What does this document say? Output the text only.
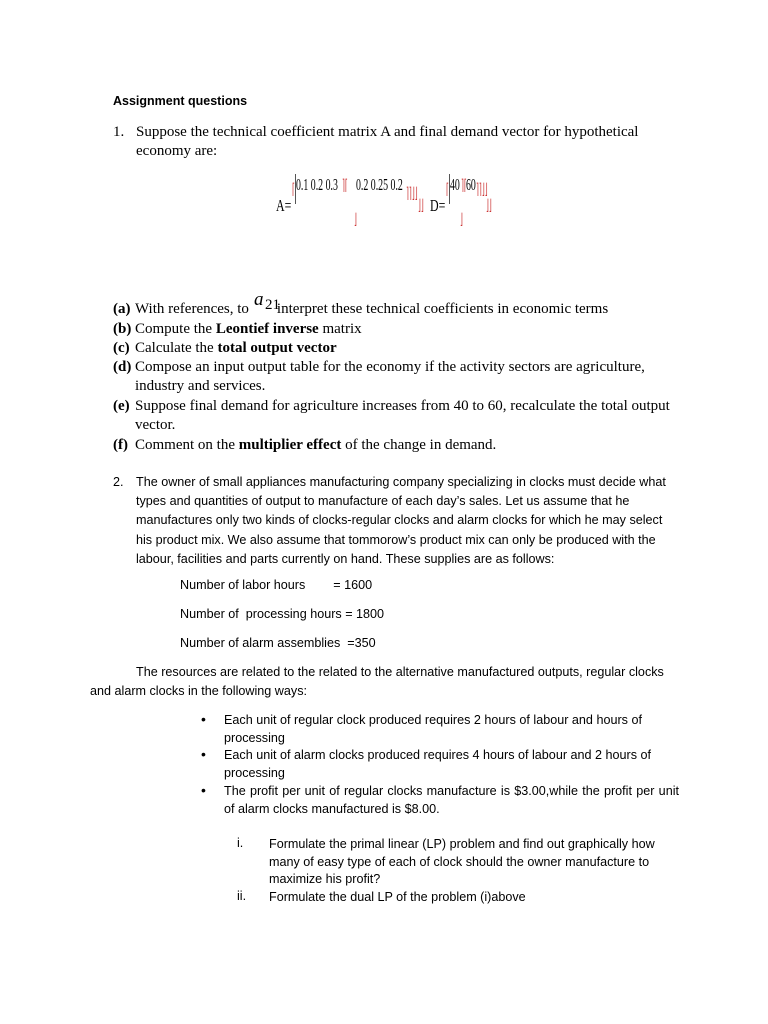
Assignment questions
1. Suppose the technical coefficient matrix A and final demand vector for hypothetical economy are:
A=
⌈ 0.1 0.2 0.3 ⌉⌈ 0.2 0.25 0.2 ⌉⌉⌋⌋
⌋⌋
⌋
D=
⌈ 40 ⌉⌈ 60 ⌉⌉⌋⌋
⌋⌋
⌋
a 21
(a) With references, to interpret these technical coefficients in economic terms
(b) Compute the Leontief inverse matrix
(c) Calculate the total output vector
(d) Compose an input output table for the economy if the activity sectors are agriculture, industry and services.
(e) Suppose final demand for agriculture increases from 40 to 60, recalculate the total output vector.
(f) Comment on the multiplier effect of the change in demand.
2. The owner of small appliances manufacturing company specializing in clocks must decide what types and quantities of output to manufacture of each day’s sales. Let us assume that he manufactures only two kinds of clocks-regular clocks and alarm clocks for which he may select his product mix. We also assume that tommorow’s product mix can only be produced with the labour, facilities and parts currently on hand. These supplies are as follows:
Number of labor hours        = 1600
Number of  processing hours = 1800
Number of alarm assemblies  =350
The resources are related to the related to the alternative manufactured outputs, regular clocks
and alarm clocks in the following ways:
• Each unit of regular clock produced requires 2 hours of labour and hours of processing
• Each unit of alarm clocks produced requires 4 hours of labour and 2 hours of processing
• The profit per unit of regular clocks manufacture is $3.00,while the profit per unit of alarm clocks manufactured is $8.00.
i. Formulate the primal linear (LP) problem and find out graphically how many of easy type of each of clock should the owner manufacture to maximize his profit?
ii. Formulate the dual LP of the problem (i)above
